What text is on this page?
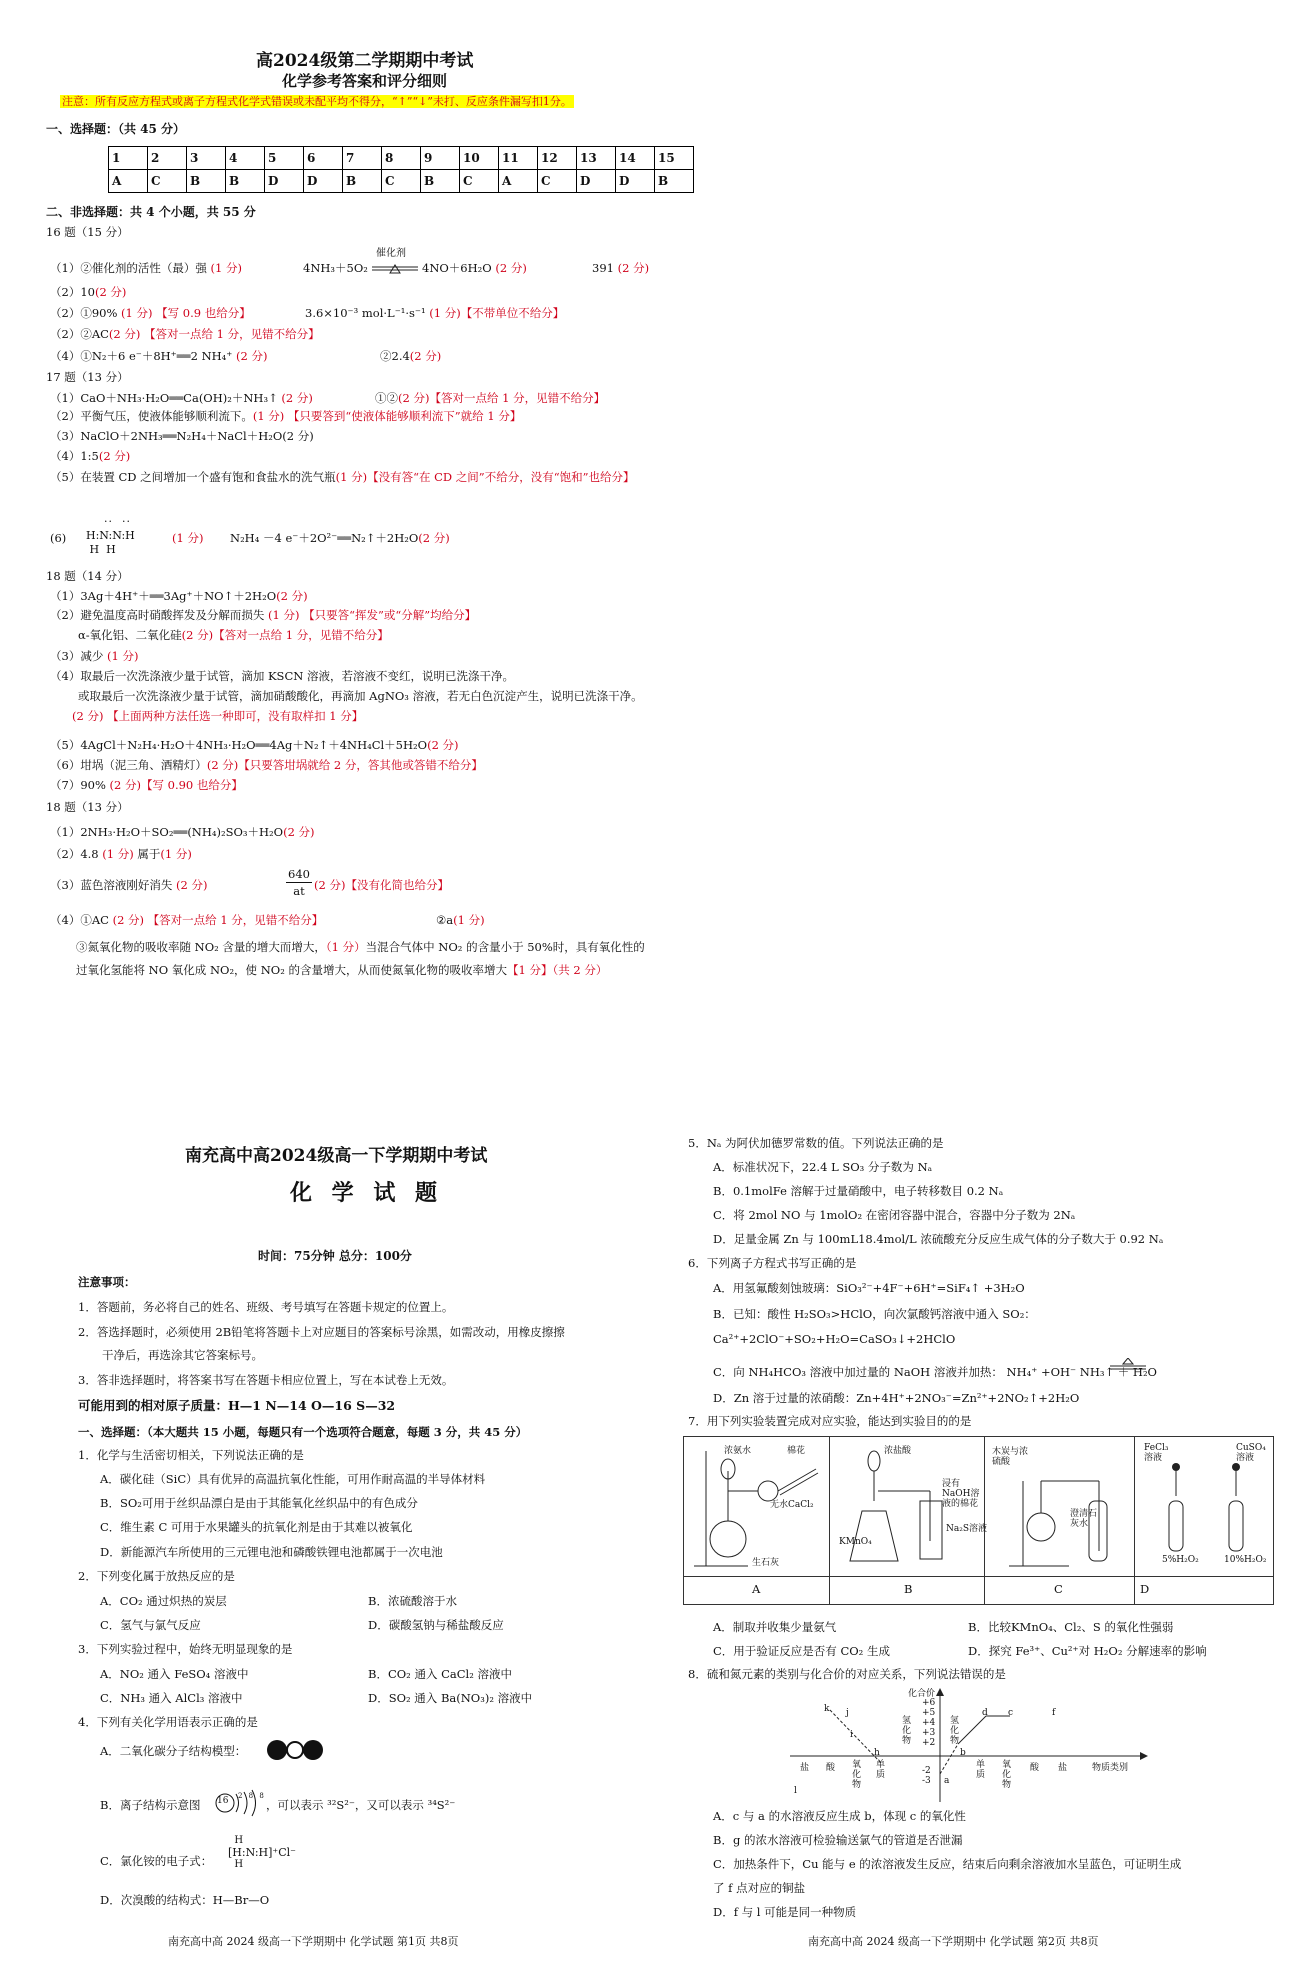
高2024级第二学期期中考试
化学参考答案和评分细则
注意：所有反应方程式或离子方程式化学式错误或未配平均不得分，“↑”“↓”未打、反应条件漏写扣1分。
一、选择题：（共 45 分）
1	2	3	4	5	6	7	8	9	10	11	12	13	14	15
A	C	B	B	D	D	B	C	B	C	A	C	D	D	B
二、非选择题：共 4 个小题，共 55 分
16 题（15 分）
（1）②催化剂的活性（最）强 (1 分)	4NH₃＋5O₂
催化剂
4NO＋6H₂O (2 分)	391 (2 分)
（2）10(2 分)
（2）①90% (1 分) 【写 0.9 也给分】	3.6×10⁻³ mol·L⁻¹·s⁻¹ (1 分)【不带单位不给分】
（2）②AC(2 分) 【答对一点给 1 分，见错不给分】
（4）①N₂＋6 e⁻＋8H⁺══2 NH₄⁺ (2 分)	②2.4(2 分)
17 题（13 分）
（1）CaO＋NH₃·H₂O══Ca(OH)₂＋NH₃↑ (2 分)	①②(2 分)【答对一点给 1 分，见错不给分】
（2）平衡气压，使液体能够顺利流下。(1 分) 【只要答到“使液体能够顺利流下”就给 1 分】
（3）NaClO＋2NH₃══N₂H₄＋NaCl＋H₂O(2 分)
（4）1:5(2 分)
（5）在装置 CD 之间增加一个盛有饱和食盐水的洗气瓶(1 分)【没有答“在 CD 之间”不给分，没有“饱和”也给分】
(6)
··  ··
H:N:N:H
H  H
(1 分) N₂H₄ －4 e⁻＋2O²⁻══N₂↑＋2H₂O(2 分)
18 题（14 分）
（1）3Ag＋4H⁺＋══3Ag⁺＋NO↑＋2H₂O(2 分)
（2）避免温度高时硝酸挥发及分解而损失 (1 分) 【只要答“挥发”或“分解”均给分】
α-氧化铝、二氧化硅(2 分)【答对一点给 1 分，见错不给分】
（3）减少 (1 分)
（4）取最后一次洗涤液少量于试管，滴加 KSCN 溶液，若溶液不变红，说明已洗涤干净。
或取最后一次洗涤液少量于试管，滴加硝酸酸化，再滴加 AgNO₃ 溶液，若无白色沉淀产生，说明已洗涤干净。
(2 分) 【上面两种方法任选一种即可，没有取样扣 1 分】
（5）4AgCl＋N₂H₄·H₂O＋4NH₃·H₂O══4Ag＋N₂↑＋4NH₄Cl＋5H₂O(2 分)
（6）坩埚（泥三角、酒精灯）(2 分)【只要答坩埚就给 2 分，答其他或答错不给分】
（7）90% (2 分)【写 0.90 也给分】
18 题（13 分）
（1）2NH₃·H₂O＋SO₂══(NH₄)₂SO₃＋H₂O(2 分)
（2）4.8 (1 分) 属于(1 分)
（3）蓝色溶液刚好消失 (2 分)
640
at (2 分)【没有化简也给分】
（4）①AC (2 分) 【答对一点给 1 分，见错不给分】	②a(1 分)
③氮氧化物的吸收率随 NO₂ 含量的增大而增大，（1 分）当混合气体中 NO₂ 的含量小于 50%时，具有氧化性的
过氧化氢能将 NO 氧化成 NO₂，使 NO₂ 的含量增大，从而使氮氧化物的吸收率增大【1 分】（共 2 分）
南充高中高2024级高一下学期期中考试
化 学 试 题
时间：75分钟 总分：100分
注意事项：
1．答题前，务必将自己的姓名、班级、考号填写在答题卡规定的位置上。
2．答选择题时，必须使用 2B铅笔将答题卡上对应题目的答案标号涂黑，如需改动，用橡皮擦擦
干净后，再选涂其它答案标号。
3．答非选择题时，将答案书写在答题卡相应位置上，写在本试卷上无效。
可能用到的相对原子质量：H—1 N—14 O—16 S—32
一、选择题：（本大题共 15 小题，每题只有一个选项符合题意，每题 3 分，共 45 分）
1．化学与生活密切相关，下列说法正确的是
A．碳化硅（SiC）具有优异的高温抗氧化性能，可用作耐高温的半导体材料
B．SO₂可用于丝织品漂白是由于其能氧化丝织品中的有色成分
C．维生素 C 可用于水果罐头的抗氧化剂是由于其难以被氧化
D．新能源汽车所使用的三元锂电池和磷酸铁锂电池都属于一次电池
2．下列变化属于放热反应的是
A．CO₂ 通过炽热的炭层	B．浓硫酸溶于水
C．氢气与氯气反应	D．碳酸氢钠与稀盐酸反应
3．下列实验过程中，始终无明显现象的是
A．NO₂ 通入 FeSO₄ 溶液中	B．CO₂ 通入 CaCl₂ 溶液中
C．NH₃ 通入 AlCl₃ 溶液中	D．SO₂ 通入 Ba(NO₃)₂ 溶液中
4．下列有关化学用语表示正确的是
A．二氧化碳分子结构模型：
B．离子结构示意图 16 2 8 8
，可以表示 ³²S²⁻，又可以表示 ³⁴S²⁻
C．氯化铵的电子式：
H
[H:N:H]⁺Cl⁻
H
D．次溴酸的结构式：H—Br—O
南充高中高 2024 级高一下学期期中 化学试题 第1页 共8页
5．Nₐ 为阿伏加德罗常数的值。下列说法正确的是
A．标准状况下，22.4 L SO₃ 分子数为 Nₐ
B．0.1molFe 溶解于过量硝酸中，电子转移数目 0.2 Nₐ
C．将 2mol NO 与 1molO₂ 在密闭容器中混合，容器中分子数为 2Nₐ
D．足量金属 Zn 与 100mL18.4mol/L 浓硫酸充分反应生成气体的分子数大于 0.92 Nₐ
6．下列离子方程式书写正确的是
A．用氢氟酸刻蚀玻璃：SiO₃²⁻+4F⁻+6H⁺=SiF₄↑ +3H₂O
B．已知：酸性 H₂SO₃>HClO，向次氯酸钙溶液中通入 SO₂：
Ca²⁺+2ClO⁻+SO₂+H₂O=CaSO₃↓+2HClO
C．向 NH₄HCO₃ 溶液中加过量的 NaOH 溶液并加热： NH₄⁺ +OH⁻ NH₃↑ ＋ H₂O
D．Zn 溶于过量的浓硝酸：Zn+4H⁺+2NO₃⁻=Zn²⁺+2NO₂↑+2H₂O
7．用下列实验装置完成对应实验，能达到实验目的的是
浓氨水	棉花
无水CaCl₂
生石灰
浓盐酸
KMnO₄
浸有NaOH溶液的棉花
Na₂S溶液
木炭与浓硫酸
澄清石灰水
FeCl₃溶液
CuSO₄溶液
5%H₂O₂	10%H₂O₂
A	B	C	D
A．制取并收集少量氨气	B．比较KMnO₄、Cl₂、S 的氧化性强弱
C．用于验证反应是否有 CO₂ 生成	D．探究 Fe³⁺、Cu²⁺对 H₂O₂ 分解速率的影响
8．硫和氮元素的类别与化合价的对应关系，下列说法错误的是
化合价
物质类别
+6
+5
+4
+3
+2
-2
-3
盐 酸 氧化物
单质
氢化物
氢化物
单质
氧化物
酸 盐
k j
i
h
l
d c	f
b
a
A．c 与 a 的水溶液反应生成 b，体现 c 的氧化性
B．g 的浓水溶液可检验输送氯气的管道是否泄漏
C．加热条件下，Cu 能与 e 的浓溶液发生反应，结束后向剩余溶液加水呈蓝色，可证明生成
了 f 点对应的铜盐
D．f 与 l 可能是同一种物质
南充高中高 2024 级高一下学期期中 化学试题 第2页 共8页
